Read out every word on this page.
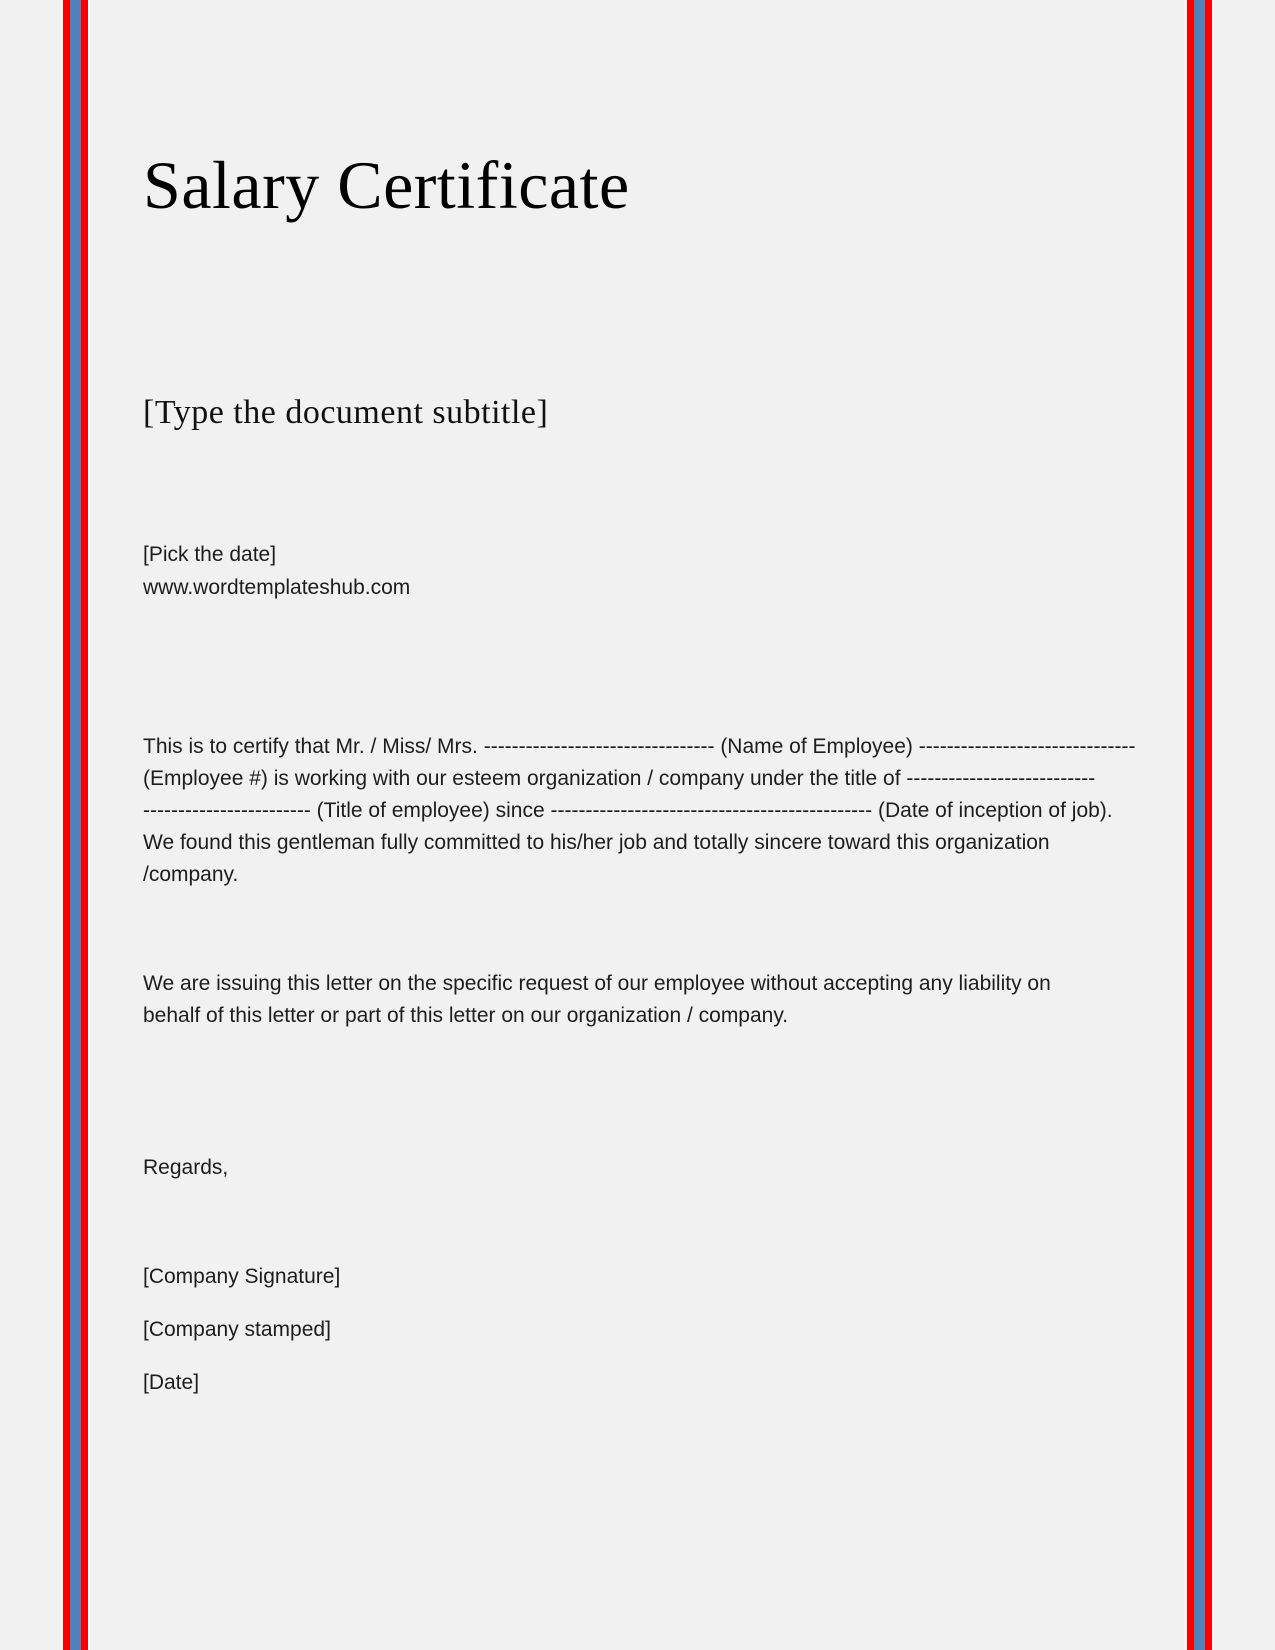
Salary Certificate
[Type the document subtitle]
[Pick the date]
www.wordtemplateshub.com
This is to certify that Mr. / Miss/ Mrs. --------------------------------- (Name of Employee) -------------------------------
(Employee #) is working with our esteem organization / company under the title of ---------------------------
------------------------ (Title of employee) since ---------------------------------------------- (Date of inception of job).
We found this gentleman fully committed to his/her job and totally sincere toward this organization
/company.
We are issuing this letter on the specific request of our employee without accepting any liability on
behalf of this letter or part of this letter on our organization / company.
Regards,
[Company Signature]
[Company stamped]
[Date]
